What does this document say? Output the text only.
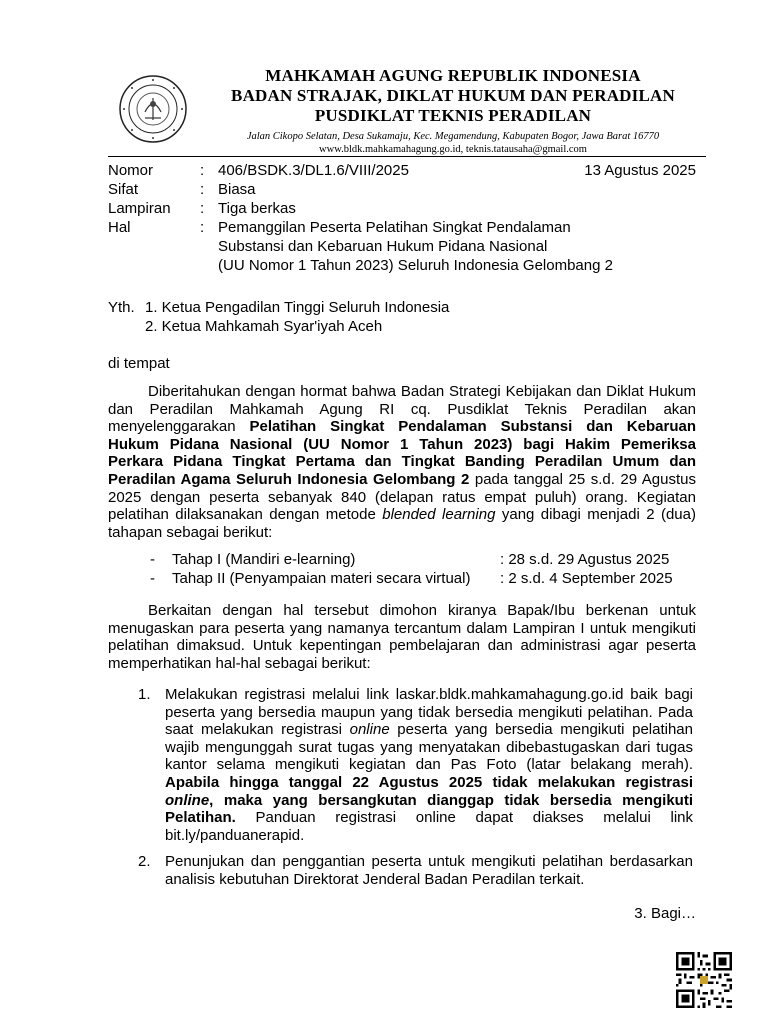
MAHKAMAH AGUNG REPUBLIK INDONESIA
BADAN STRAJAK, DIKLAT HUKUM DAN PERADILAN
PUSDIKLAT TEKNIS PERADILAN
Jalan Cikopo Selatan, Desa Sukamaju, Kec. Megamendung, Kabupaten Bogor, Jawa Barat 16770
www.bldk.mahkamahagung.go.id, teknis.tatausaha@gmail.com
Nomor	: 406/BSDK.3/DL1.6/VIII/2025	13 Agustus 2025
Sifat	: Biasa
Lampiran : Tiga berkas
Hal	: Pemanggilan Peserta Pelatihan Singkat Pendalaman
Substansi dan Kebaruan Hukum Pidana Nasional
(UU Nomor 1 Tahun 2023) Seluruh Indonesia Gelombang 2
Yth. 1. Ketua Pengadilan Tinggi Seluruh Indonesia
2. Ketua Mahkamah Syar'iyah Aceh
di tempat
Diberitahukan dengan hormat bahwa Badan Strategi Kebijakan dan Diklat Hukum
dan Peradilan Mahkamah Agung RI cq. Pusdiklat Teknis Peradilan akan
menyelenggarakan Pelatihan Singkat Pendalaman Substansi dan Kebaruan
Hukum Pidana Nasional (UU Nomor 1 Tahun 2023) bagi Hakim Pemeriksa
Perkara Pidana Tingkat Pertama dan Tingkat Banding Peradilan Umum dan
Peradilan Agama Seluruh Indonesia Gelombang 2 pada tanggal 25 s.d. 29 Agustus
2025 dengan peserta sebanyak 840 (delapan ratus empat puluh) orang. Kegiatan
pelatihan dilaksanakan dengan metode blended learning yang dibagi menjadi 2 (dua)
tahapan sebagai berikut:
- Tahap I (Mandiri e-learning)	: 28 s.d. 29 Agustus 2025
- Tahap II (Penyampaian materi secara virtual) : 2 s.d. 4 September 2025
Berkaitan dengan hal tersebut dimohon kiranya Bapak/Ibu berkenan untuk
menugaskan para peserta yang namanya tercantum dalam Lampiran I untuk mengikuti
pelatihan dimaksud. Untuk kepentingan pembelajaran dan administrasi agar peserta
memperhatikan hal-hal sebagai berikut:
1. Melakukan registrasi melalui link laskar.bldk.mahkamahagung.go.id baik bagi
peserta yang bersedia maupun yang tidak bersedia mengikuti pelatihan. Pada
saat melakukan registrasi online peserta yang bersedia mengikuti pelatihan
wajib mengunggah surat tugas yang menyatakan dibebastugaskan dari tugas
kantor selama mengikuti kegiatan dan Pas Foto (latar belakang merah).
Apabila hingga tanggal 22 Agustus 2025 tidak melakukan registrasi
online, maka yang bersangkutan dianggap tidak bersedia mengikuti
Pelatihan. Panduan registrasi online dapat diakses melalui link
bit.ly/panduanerapid.
2. Penunjukan dan penggantian peserta untuk mengikuti pelatihan berdasarkan
analisis kebutuhan Direktorat Jenderal Badan Peradilan terkait.
3. Bagi…
